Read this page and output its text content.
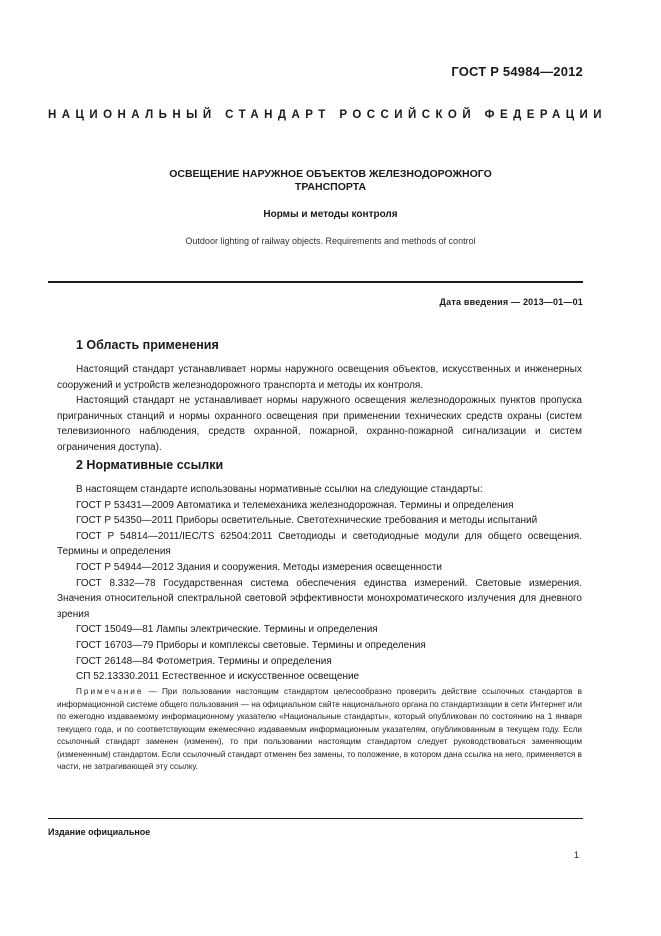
ГОСТ Р 54984—2012
НАЦИОНАЛЬНЫЙ СТАНДАРТ РОССИЙСКОЙ ФЕДЕРАЦИИ
ОСВЕЩЕНИЕ НАРУЖНОЕ ОБЪЕКТОВ ЖЕЛЕЗНОДОРОЖНОГО
ТРАНСПОРТА
Нормы и методы контроля
Outdoor lighting of railway objects. Requirements and methods of control
Дата введения — 2013—01—01
1 Область применения

Настоящий стандарт устанавливает нормы наружного освещения объектов, искусственных и инженерных сооружений и устройств железнодорожного транспорта и методы их контроля.

Настоящий стандарт не устанавливает нормы наружного освещения железнодорожных пунктов пропуска приграничных станций и нормы охранного освещения при применении технических средств охраны (систем телевизионного наблюдения, средств охранной, пожарной, охранно-пожарной сигнализации и систем ограничения доступа).

2 Нормативные ссылки

В настоящем стандарте использованы нормативные ссылки на следующие стандарты:

ГОСТ Р 53431—2009 Автоматика и телемеханика железнодорожная. Термины и определения

ГОСТ Р 54350—2011 Приборы осветительные. Светотехнические требования и методы испытаний

ГОСТ Р 54814—2011/IEC/TS 62504:2011 Светодиоды и светодиодные модули для общего освещения. Термины и определения

ГОСТ Р 54944—2012 Здания и сооружения. Методы измерения освещенности

ГОСТ 8.332—78 Государственная система обеспечения единства измерений. Световые измерения. Значения относительной спектральной световой эффективности монохроматического излучения для дневного зрения

ГОСТ 15049—81 Лампы электрические. Термины и определения

ГОСТ 16703—79 Приборы и комплексы световые. Термины и определения

ГОСТ 26148—84 Фотометрия. Термины и определения

СП 52.13330.2011 Естественное и искусственное освещение

Примечание — При пользовании настоящим стандартом целесообразно проверить действие ссылочных стандартов в информационной системе общего пользования — на официальном сайте национального органа по стандартизации в сети Интернет или по ежегодно издаваемому информационному указателю «Национальные стандарты», который опубликован по состоянию на 1 января текущего года, и по соответствующим ежемесячно издаваемым информационным указателям, опубликованным в текущем году. Если ссылочный стандарт заменен (изменен), то при пользовании настоящим стандартом следует руководствоваться заменяющим (измененным) стандартом. Если ссылочный стандарт отменен без замены, то положение, в котором дана ссылка на него, применяется в части, не затрагивающей эту ссылку.

Издание официальное
1
